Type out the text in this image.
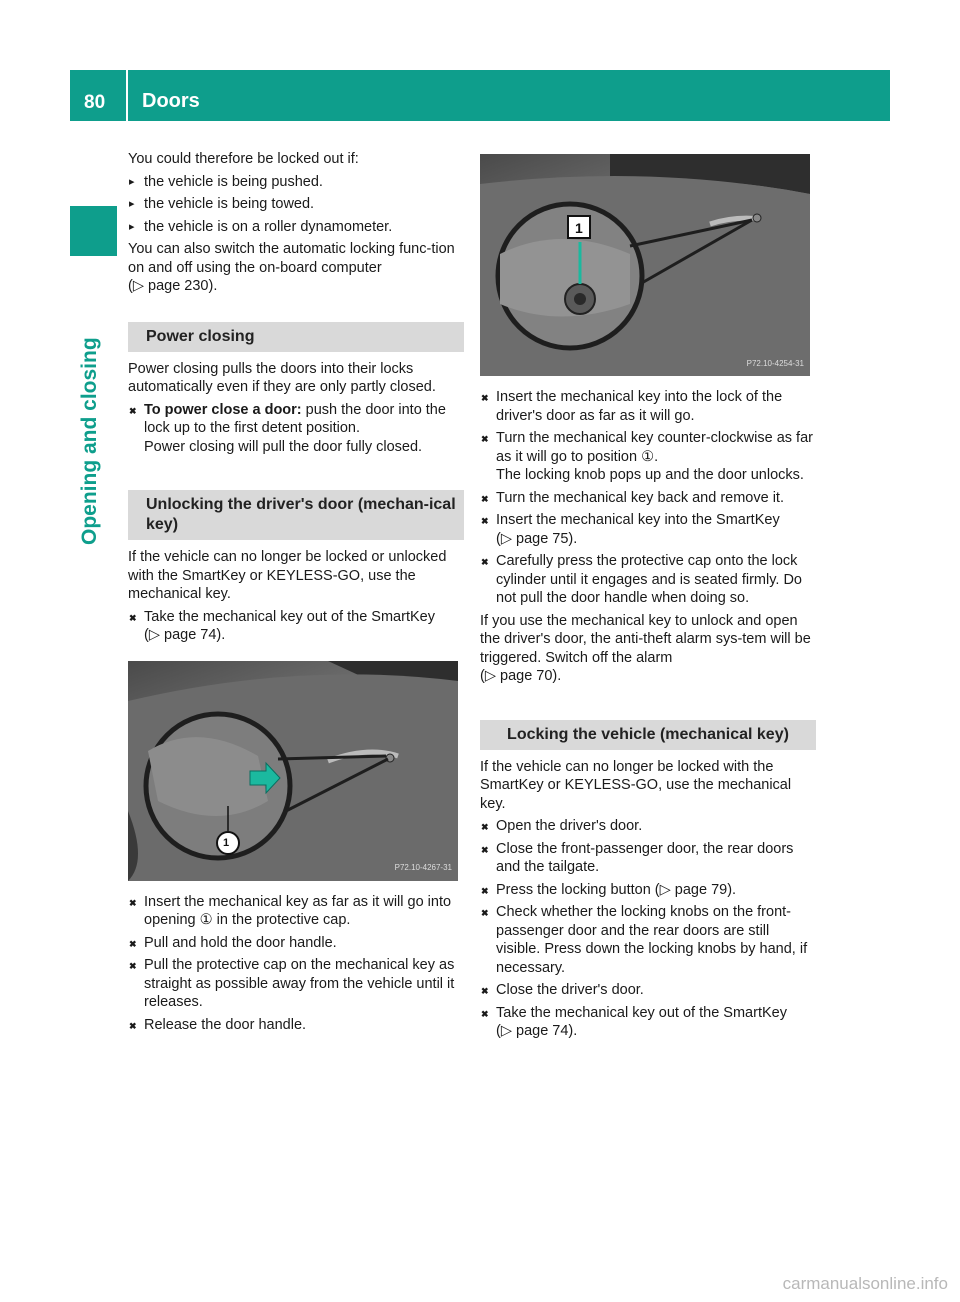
80 Doors
Opening and closing

You could therefore be locked out if:

▸ the vehicle is being pushed.
▸ the vehicle is being towed.
▸ the vehicle is on a roller dynamometer.

You can also switch the automatic locking func-tion on and off using the on-board computer

(▷ page 230).

Power closing

Power closing pulls the doors into their locks automatically even if they are only partly closed.

✖ To power close a door: push the door into the lock up to the first detent position.
Power closing will pull the door fully closed.
Unlocking the driver's door (mechan-ical key)

If the vehicle can no longer be locked or unlocked with the SmartKey or KEYLESS-GO, use the mechanical key.

✖ Take the mechanical key out of the SmartKey
(▷ page 74).
1
P72.10-4267-31
✖ Insert the mechanical key as far as it will go into opening ① in the protective cap.
✖ Pull and hold the door handle.
✖ Pull the protective cap on the mechanical key as straight as possible away from the vehicle until it releases.
✖ Release the door handle.
1
P72.10-4254-31
✖ Insert the mechanical key into the lock of the driver's door as far as it will go.
✖ Turn the mechanical key counter-clockwise as far as it will go to position ①.
The locking knob pops up and the door unlocks.
✖ Turn the mechanical key back and remove it.
✖ Insert the mechanical key into the SmartKey
(▷ page 75).
✖ Carefully press the protective cap onto the lock cylinder until it engages and is seated firmly. Do not pull the door handle when doing so.

If you use the mechanical key to unlock and open the driver's door, the anti-theft alarm sys-tem will be triggered. Switch off the alarm

(▷ page 70).

Locking the vehicle (mechanical key)

If the vehicle can no longer be locked with the SmartKey or KEYLESS-GO, use the mechanical key.

✖ Open the driver's door.
✖ Close the front-passenger door, the rear doors and the tailgate.
✖ Press the locking button (▷ page 79).
✖ Check whether the locking knobs on the front-passenger door and the rear doors are still visible. Press down the locking knobs by hand, if necessary.
✖ Close the driver's door.
✖ Take the mechanical key out of the SmartKey
(▷ page 74).
carmanualsonline.info
